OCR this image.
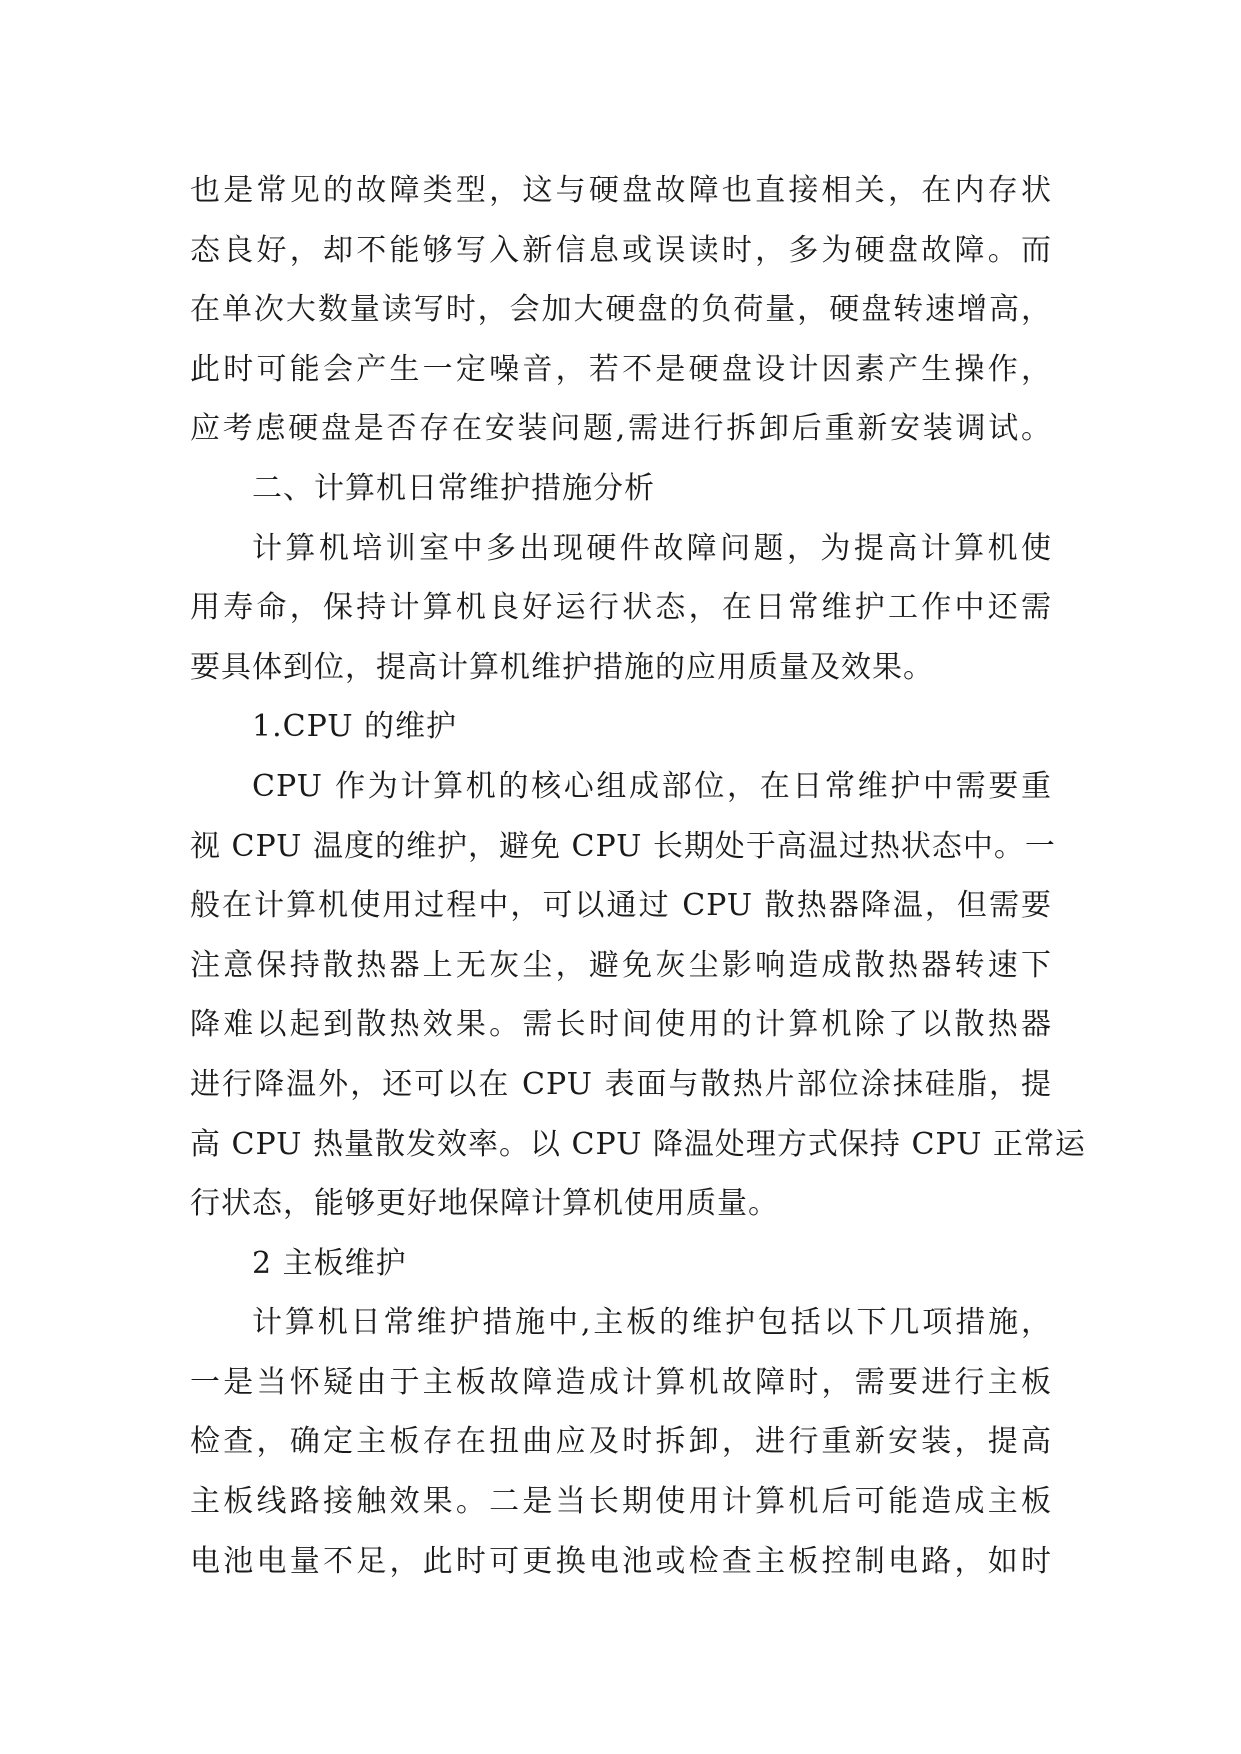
也是常见的故障类型，这与硬盘故障也直接相关，在内存状
态良好，却不能够写入新信息或误读时，多为硬盘故障。而
在单次大数量读写时，会加大硬盘的负荷量，硬盘转速增高，
此时可能会产生一定噪音，若不是硬盘设计因素产生操作，
应考虑硬盘是否存在安装问题,需进行拆卸后重新安装调试。
二、计算机日常维护措施分析
计算机培训室中多出现硬件故障问题，为提高计算机使
用寿命，保持计算机良好运行状态，在日常维护工作中还需
要具体到位，提高计算机维护措施的应用质量及效果。
1.CPU 的维护
CPU 作为计算机的核心组成部位，在日常维护中需要重
视 CPU 温度的维护，避免 CPU 长期处于高温过热状态中。一
般在计算机使用过程中，可以通过 CPU 散热器降温，但需要
注意保持散热器上无灰尘，避免灰尘影响造成散热器转速下
降难以起到散热效果。需长时间使用的计算机除了以散热器
进行降温外，还可以在 CPU 表面与散热片部位涂抹硅脂，提
高 CPU 热量散发效率。以 CPU 降温处理方式保持 CPU 正常运
行状态，能够更好地保障计算机使用质量。
2 主板维护
计算机日常维护措施中,主板的维护包括以下几项措施，
一是当怀疑由于主板故障造成计算机故障时，需要进行主板
检查，确定主板存在扭曲应及时拆卸，进行重新安装，提高
主板线路接触效果。二是当长期使用计算机后可能造成主板
电池电量不足，此时可更换电池或检查主板控制电路，如时
